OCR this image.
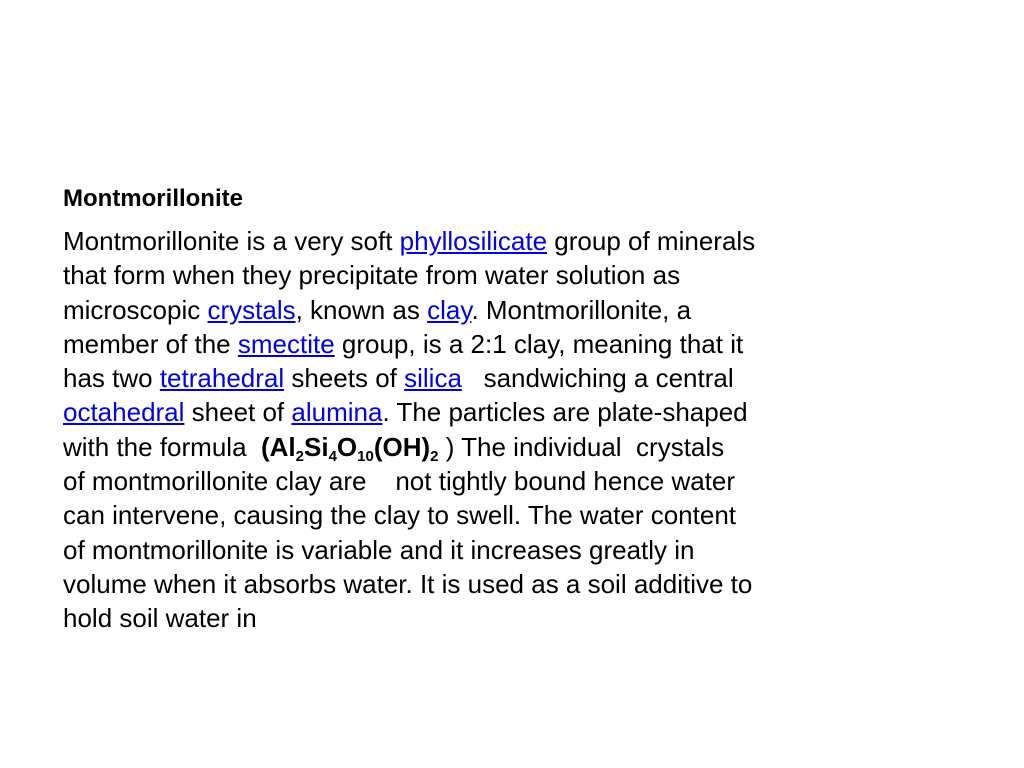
Montmorillonite
Montmorillonite is a very soft phyllosilicate group of minerals
that form when they precipitate from water solution as
microscopic crystals, known as clay. Montmorillonite, a
member of the smectite group, is a 2:1 clay, meaning that it
has two tetrahedral sheets of silica   sandwiching a central
octahedral sheet of alumina. The particles are plate-shaped
with the formula  ($Al_2Si_4O_{10}(OH)_2$ ) The individual  crystals
of montmorillonite clay are    not tightly bound hence water
can intervene, causing the clay to swell. The water content
of montmorillonite is variable and it increases greatly in
volume when it absorbs water. It is used as a soil additive to
hold soil water in
